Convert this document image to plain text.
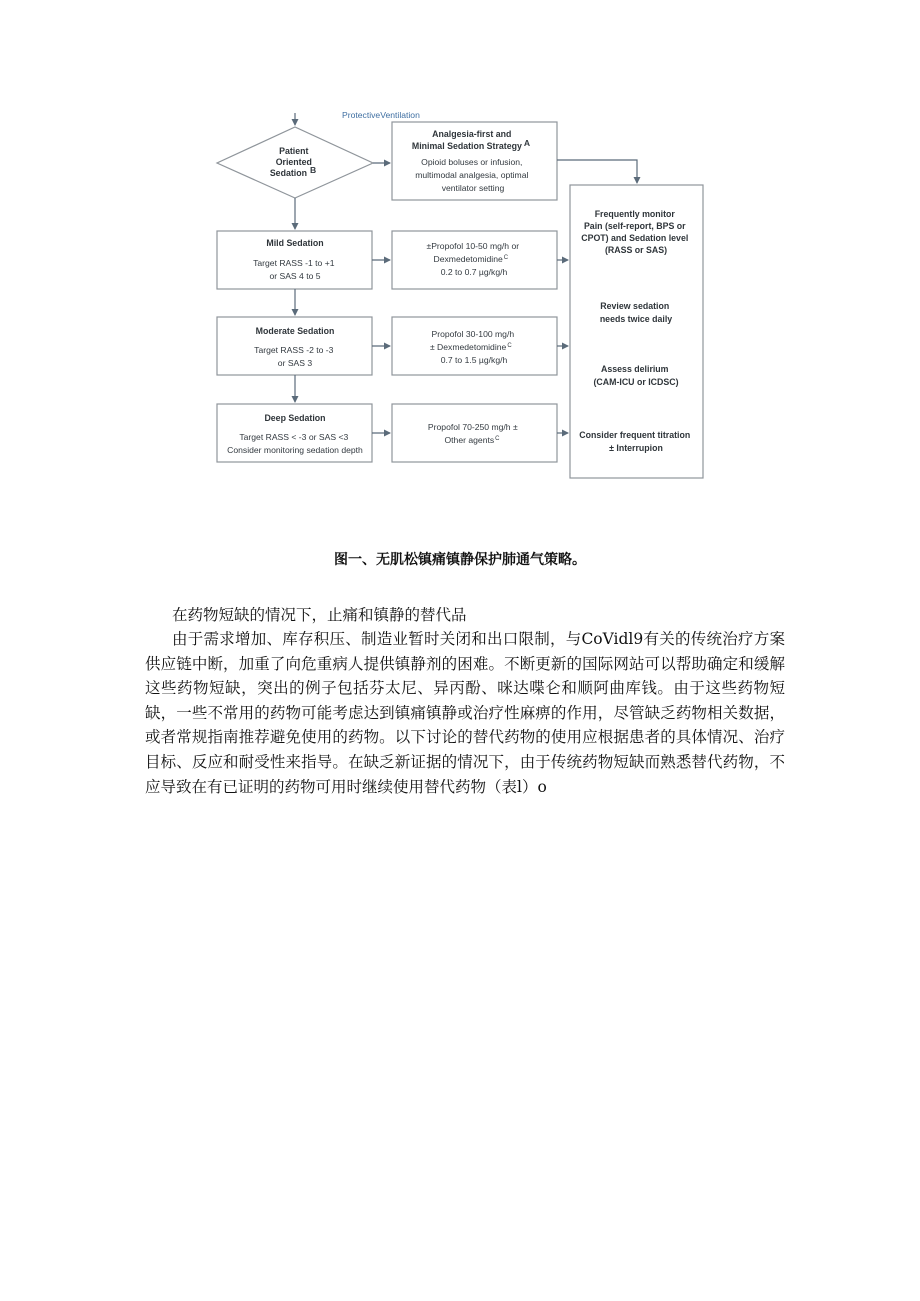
ProtectiveVentilation
Patient Oriented Sedation B
Analgesia-first and Minimal Sedation Strategy A
Opioid boluses or infusion, multimodal analgesia, optimal ventilator setting
Mild Sedation
Target RASS -1 to +1 or SAS 4 to 5
±Propofol 10-50 mg/h or Dexmedetomidine$^C$ 0.2 to 0.7 µg/kg/h
Moderate Sedation
Target RASS -2 to -3 or SAS 3
Propofol 30-100 mg/h ± Dexmedetomidine$^C$ 0.7 to 1.5 µg/kg/h
Deep Sedation
Target RASS < -3 or SAS <3 Consider monitoring sedation depth
Propofol 70-250 mg/h ± Other agents$^C$
Frequently monitor Pain (self-report, BPS or CPOT) and Sedation level (RASS or SAS)
Review sedation needs twice daily
Assess delirium (CAM-ICU or ICDSC)
Consider frequent titration ± Interrupion
图一、无肌松镇痛镇静保护肺通气策略。
在药物短缺的情况下，止痛和镇静的替代品

由于需求增加、库存积压、制造业暂时关闭和出口限制，与CoVidl9有关的传统治疗方案供应链中断，加重了向危重病人提供镇静剂的困难。不断更新的国际网站可以帮助确定和缓解这些药物短缺，突出的例子包括芬太尼、异丙酚、咪达喋仑和顺阿曲库钱。由于这些药物短缺，一些不常用的药物可能考虑达到镇痛镇静或治疗性麻痹的作用，尽管缺乏药物相关数据，或者常规指南推荐避免使用的药物。以下讨论的替代药物的使用应根据患者的具体情况、治疗目标、反应和耐受性来指导。在缺乏新证据的情况下，由于传统药物短缺而熟悉替代药物，不应导致在有已证明的药物可用时继续使用替代药物（表l）o
